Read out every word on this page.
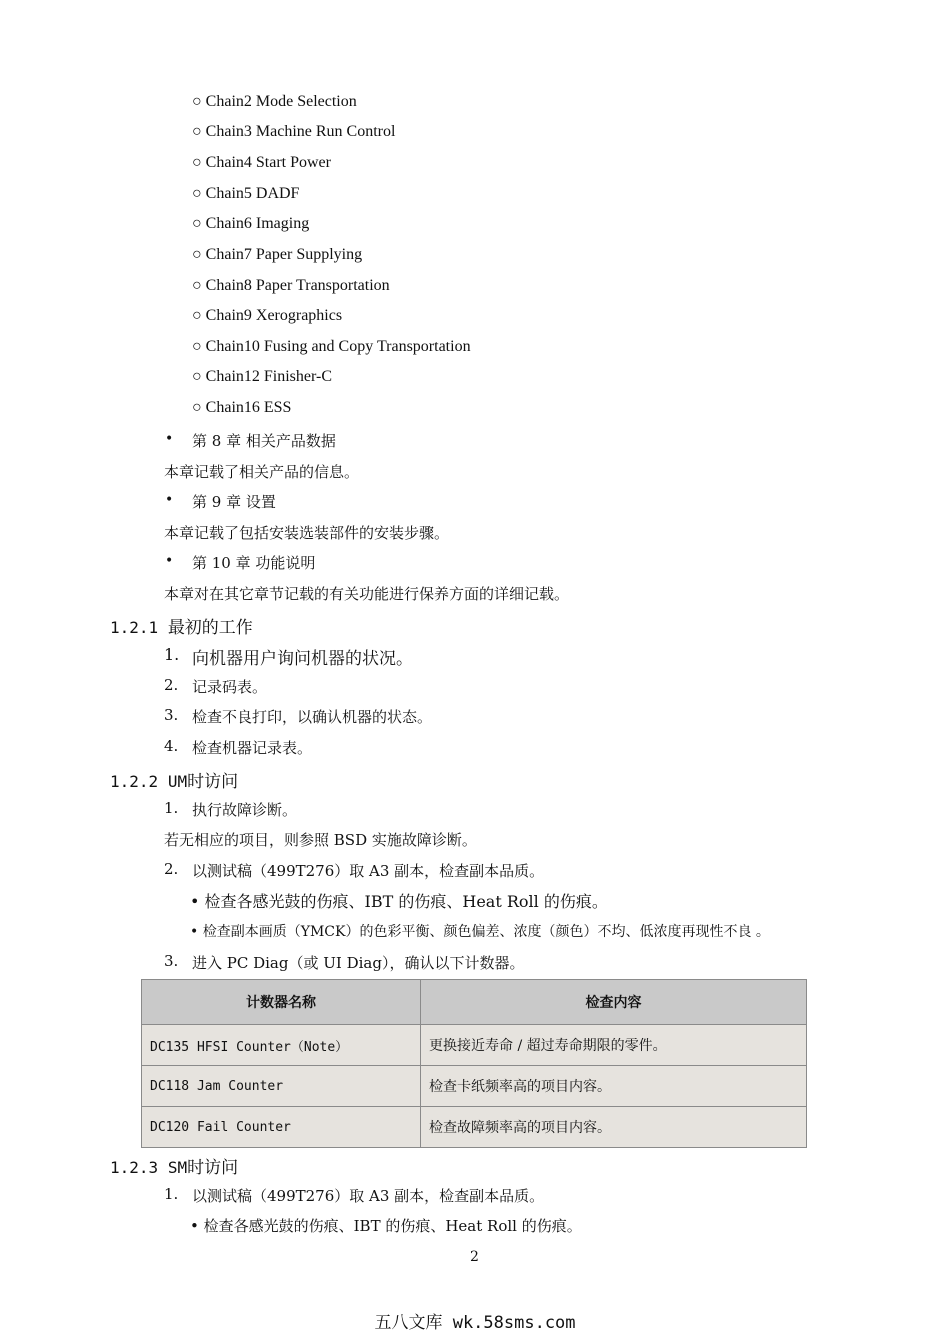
○ Chain2 Mode Selection
○ Chain3 Machine Run Control
○ Chain4 Start Power
○ Chain5 DADF
○ Chain6 Imaging
○ Chain7 Paper Supplying
○ Chain8 Paper Transportation
○ Chain9 Xerographics
○ Chain10 Fusing and Copy Transportation
○ Chain12 Finisher-C
○ Chain16 ESS
• 第 8 章 相关产品数据
本章记载了相关产品的信息。
• 第 9 章 设置
本章记载了包括安装选装部件的安装步骤。
• 第 10 章 功能说明
本章对在其它章节记载的有关功能进行保养方面的详细记载。
1.2.1 最初的工作
1. 向机器用户询问机器的状况。
2. 记录码表。
3. 检查不良打印，以确认机器的状态。
4. 检查机器记录表。
1.2.2 UM时访问
1. 执行故障诊断。
若无相应的项目，则参照 BSD 实施故障诊断。
2. 以测试稿（499T276）取 A3 副本，检查副本品质。
• 检查各感光鼓的伤痕、IBT 的伤痕、Heat Roll 的伤痕。
• 检查副本画质（YMCK）的色彩平衡、颜色偏差、浓度（颜色）不均、低浓度再现性不良 。
3. 进入 PC Diag（或 UI Diag），确认以下计数器。
计数器名称	检查内容
DC135 HFSI Counter（Note）	更换接近寿命 / 超过寿命期限的零件。
DC118 Jam Counter	检查卡纸频率高的项目内容。
DC120 Fail Counter	检查故障频率高的项目内容。
1.2.3 SM时访问
1. 以测试稿（499T276）取 A3 副本，检查副本品质。
• 检查各感光鼓的伤痕、IBT 的伤痕、Heat Roll 的伤痕。
2
五八文库 wk.58sms.com
